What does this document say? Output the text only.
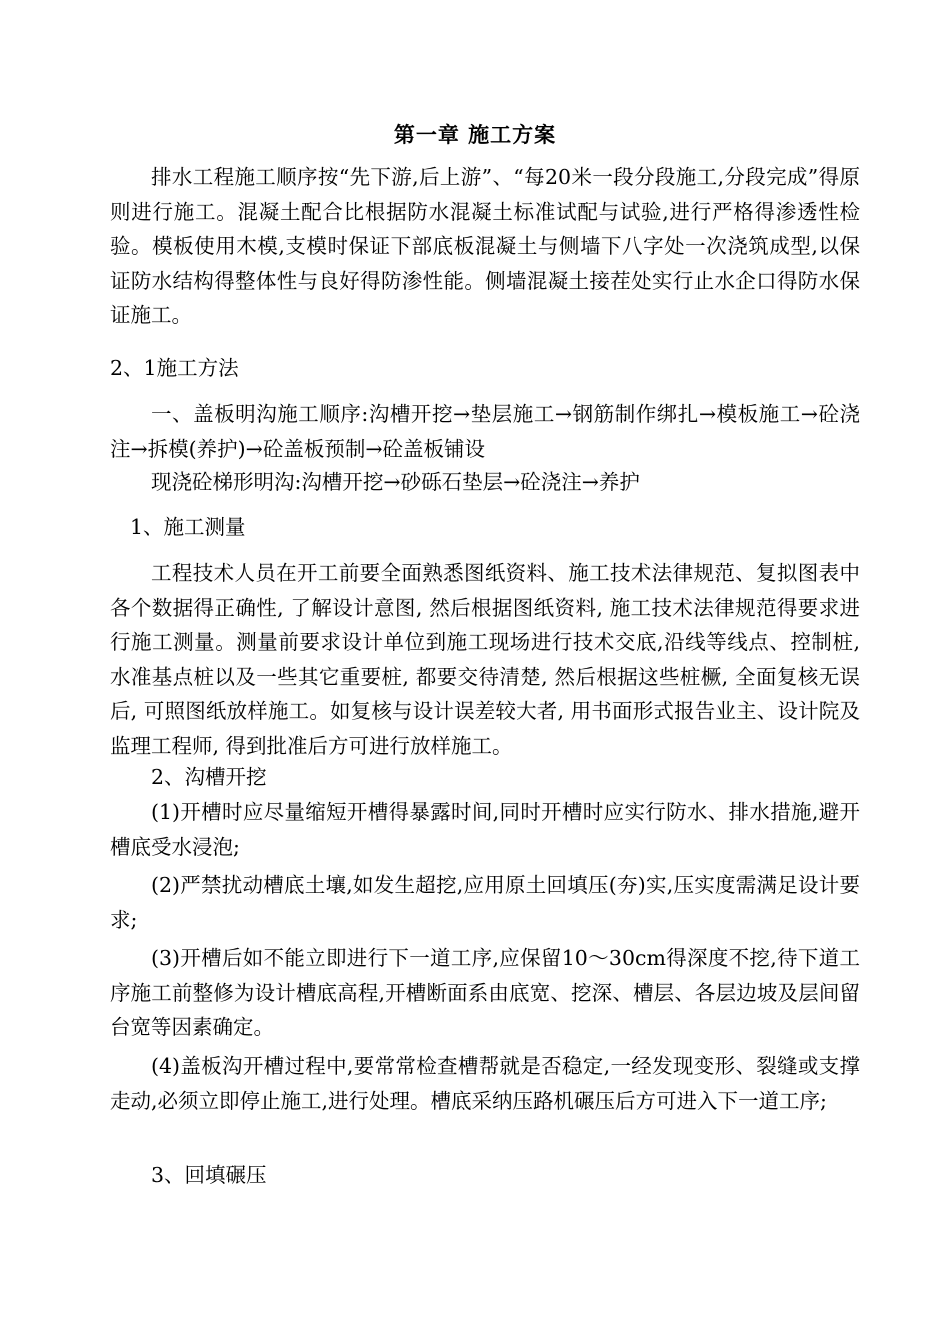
第一章 施工方案

排水工程施工顺序按“先下游,后上游”、“每20米一段分段施工,分段完成”得原则进行施工。混凝土配合比根据防水混凝土标准试配与试验,进行严格得渗透性检验。模板使用木模,支模时保证下部底板混凝土与侧墙下八字处一次浇筑成型,以保证防水结构得整体性与良好得防渗性能。侧墙混凝土接茬处实行止水企口得防水保证施工。

2、1施工方法

一、盖板明沟施工顺序:沟槽开挖→垫层施工→钢筋制作绑扎→模板施工→砼浇注→拆模(养护)→砼盖板预制→砼盖板铺设

现浇砼梯形明沟:沟槽开挖→砂砾石垫层→砼浇注→养护

1、施工测量

工程技术人员在开工前要全面熟悉图纸资料、施工技术法律规范、复拟图表中各个数据得正确性, 了解设计意图, 然后根据图纸资料, 施工技术法律规范得要求进行施工测量。测量前要求设计单位到施工现场进行技术交底,沿线等线点、控制桩, 水准基点桩以及一些其它重要桩, 都要交待清楚, 然后根据这些桩橛, 全面复核无误后, 可照图纸放样施工。如复核与设计误差较大者, 用书面形式报告业主、设计院及监理工程师, 得到批准后方可进行放样施工。

2、沟槽开挖

(1)开槽时应尽量缩短开槽得暴露时间,同时开槽时应实行防水、排水措施,避开槽底受水浸泡;

(2)严禁扰动槽底土壤,如发生超挖,应用原土回填压(夯)实,压实度需满足设计要求;

(3)开槽后如不能立即进行下一道工序,应保留10～30cm得深度不挖,待下道工序施工前整修为设计槽底高程,开槽断面系由底宽、挖深、槽层、各层边坡及层间留台宽等因素确定。

(4)盖板沟开槽过程中,要常常检查槽帮就是否稳定,一经发现变形、裂缝或支撑走动,必须立即停止施工,进行处理。槽底采纳压路机碾压后方可进入下一道工序;

3、回填碾压
